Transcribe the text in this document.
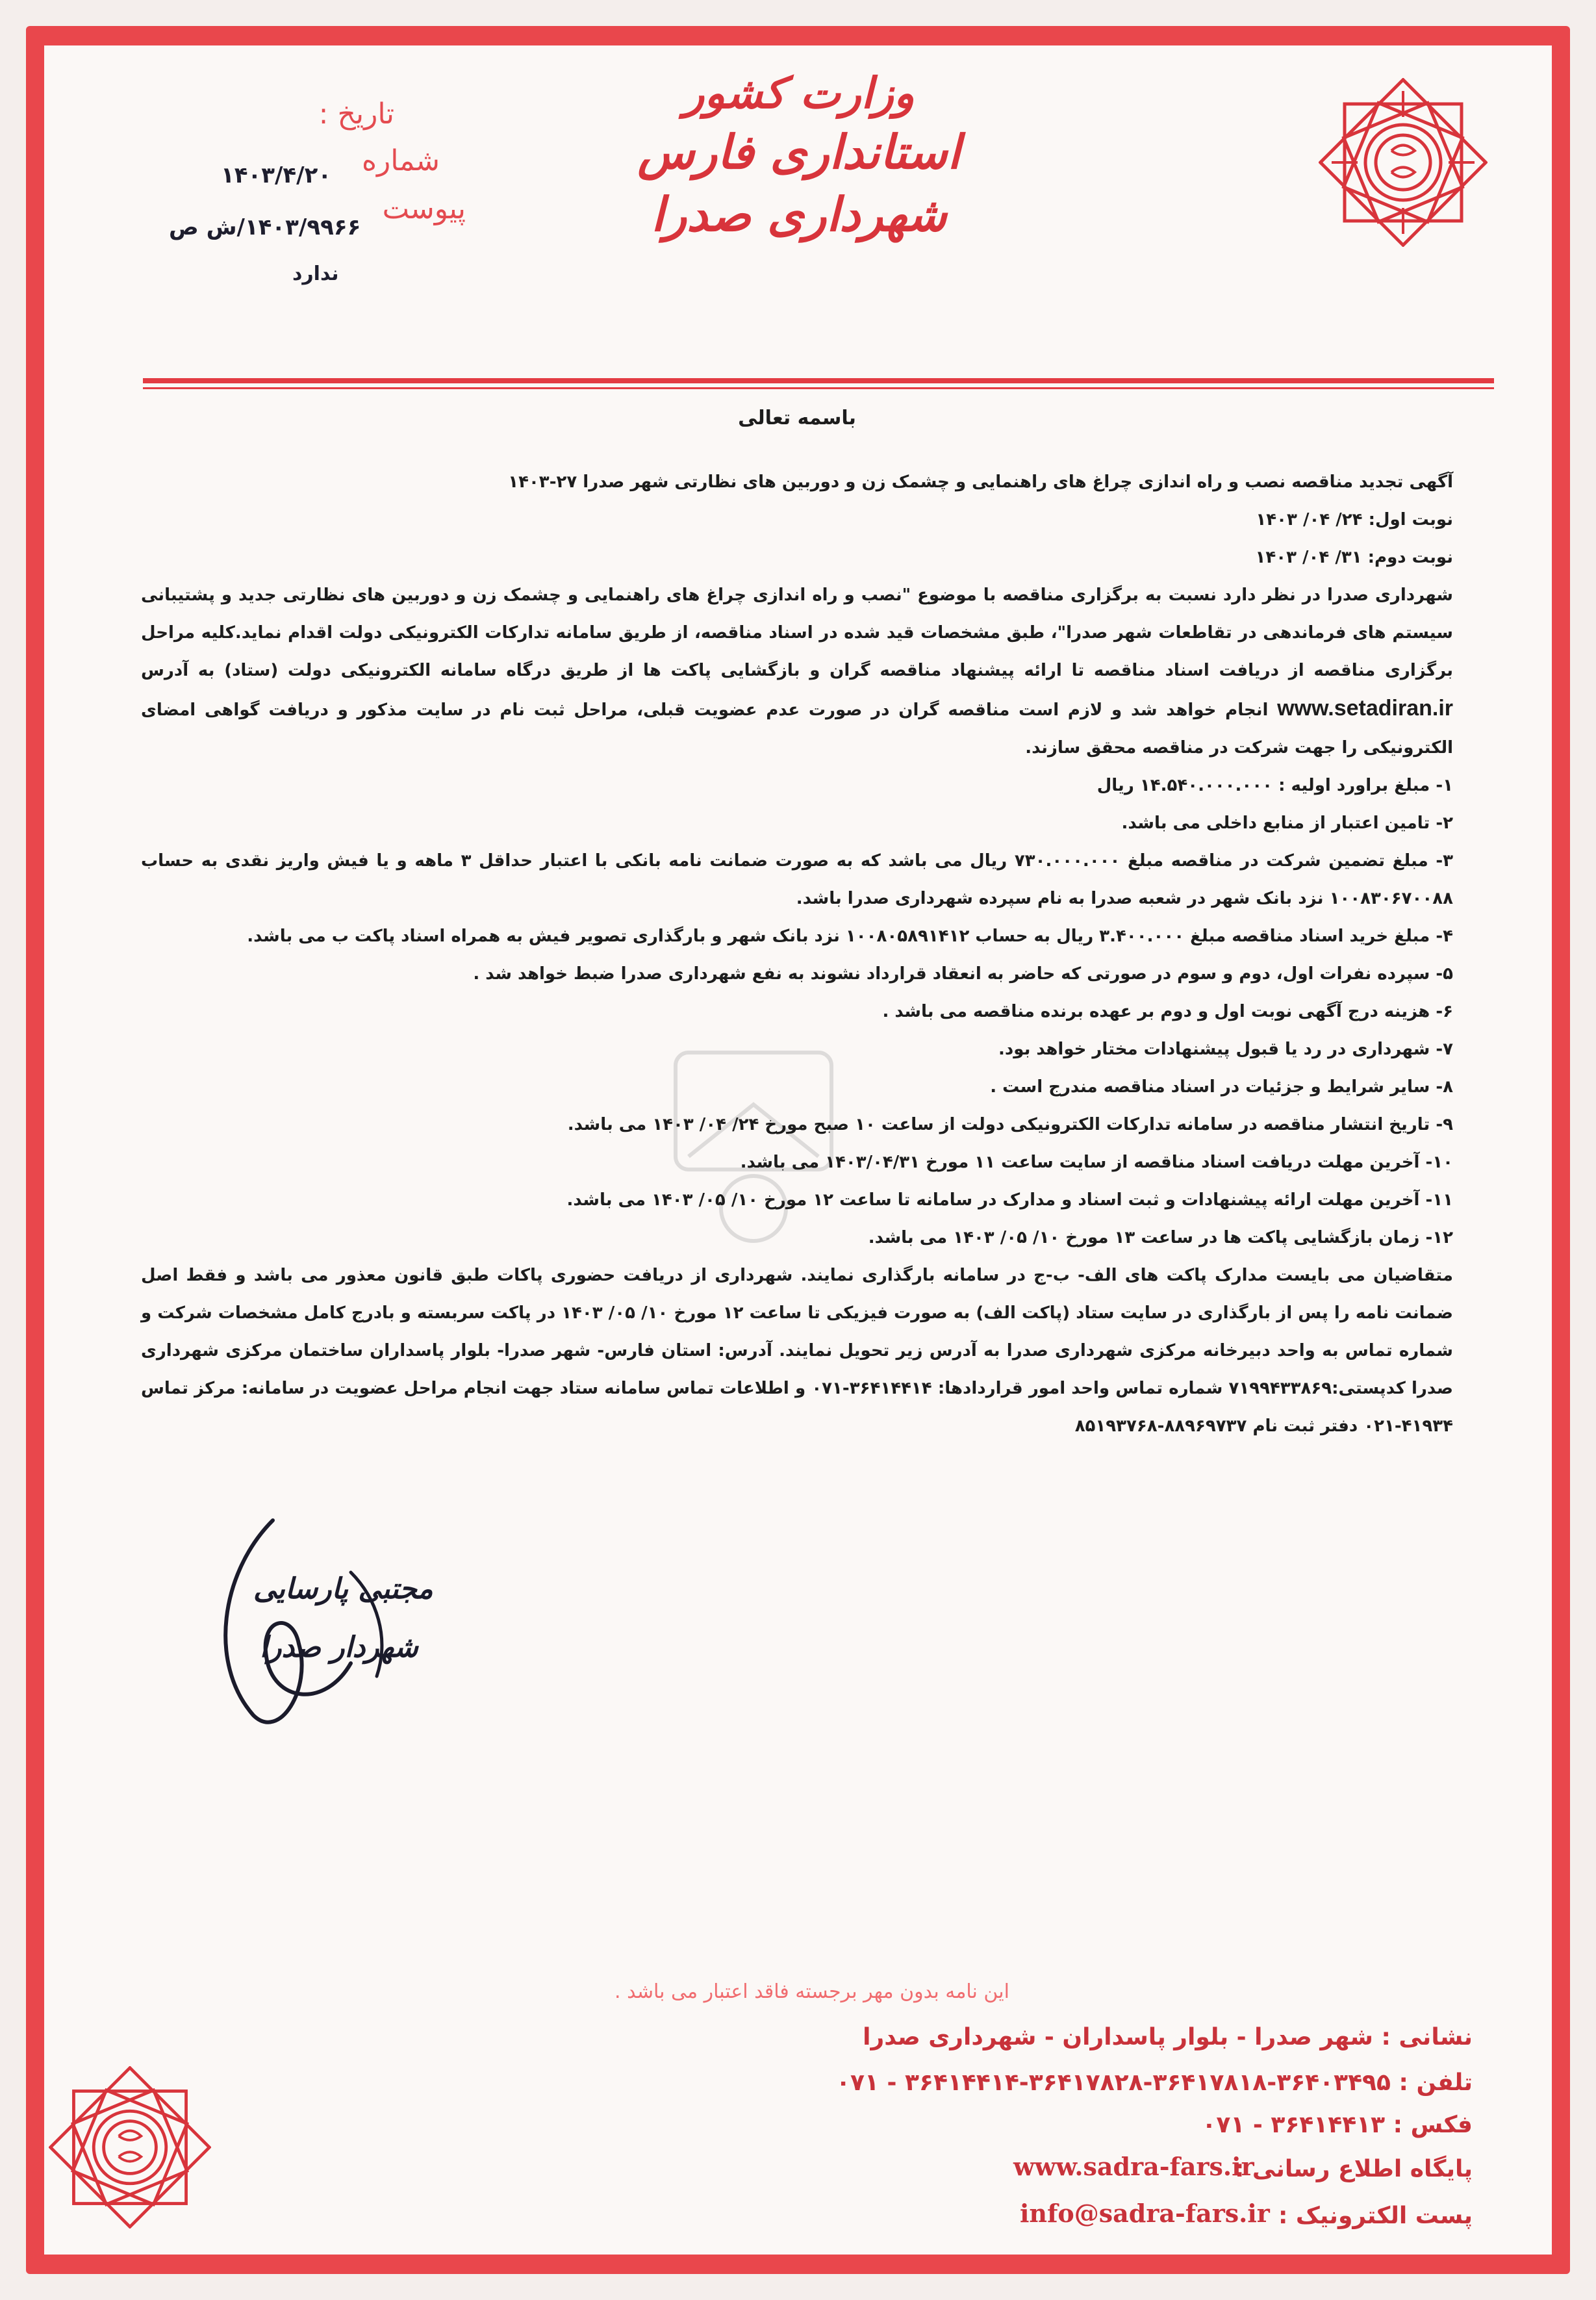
وزارت کشور
استانداری فارس
شهرداری صدرا
تاریخ :
شماره
پیوست
۱۴۰۳/۴/۲۰
۱۴۰۳/۹۹۶۶/ش ص
ندارد

باسمه تعالی

آگهی تجدید مناقصه نصب و راه اندازی چراغ های راهنمایی و چشمک زن و دوربین های نظارتی شهر صدرا ۲۷-۱۴۰۳

نوبت اول: ۲۴/ ۰۴/ ۱۴۰۳

نوبت دوم: ۳۱/ ۰۴/ ۱۴۰۳

شهرداری صدرا در نظر دارد نسبت به برگزاری مناقصه با موضوع "نصب و راه اندازی چراغ های راهنمایی و چشمک زن و دوربین های نظارتی جدید و پشتیبانی سیستم های فرماندهی در تقاطعات شهر صدرا"، طبق مشخصات قید شده در اسناد مناقصه، از طریق سامانه تدارکات الکترونیکی دولت اقدام نماید.کلیه مراحل برگزاری مناقصه از دریافت اسناد مناقصه تا ارائه پیشنهاد مناقصه گران و بازگشایی پاکت ها از طریق درگاه سامانه الکترونیکی دولت (ستاد) به آدرس www.setadiran.ir انجام خواهد شد و لازم است مناقصه گران در صورت عدم عضویت قبلی، مراحل ثبت نام در سایت مذکور و دریافت گواهی امضای الکترونیکی را جهت شرکت در مناقصه محقق سازند.

۱- مبلغ براورد اولیه : ۱۴.۵۴۰.۰۰۰.۰۰۰ ریال

۲- تامین اعتبار از منابع داخلی می باشد.

۳- مبلغ تضمین شرکت در مناقصه مبلغ ۷۳۰.۰۰۰.۰۰۰ ریال می باشد که به صورت ضمانت نامه بانکی با اعتبار حداقل ۳ ماهه و یا فیش واریز نقدی به حساب ۱۰۰۸۳۰۶۷۰۰۸۸ نزد بانک شهر در شعبه صدرا به نام سپرده شهرداری صدرا باشد.

۴- مبلغ خرید اسناد مناقصه مبلغ ۳.۴۰۰.۰۰۰ ریال به حساب ۱۰۰۸۰۵۸۹۱۴۱۲ نزد بانک شهر و بارگذاری تصویر فیش به همراه اسناد پاکت ب می باشد.

۵- سپرده نفرات اول، دوم و سوم در صورتی که حاضر به انعقاد قرارداد نشوند به نفع شهرداری صدرا ضبط خواهد شد .

۶- هزینه درج آگهی نوبت اول و دوم بر عهده برنده مناقصه می باشد .

۷- شهرداری در رد یا قبول پیشنهادات مختار خواهد بود.

۸- سایر شرایط و جزئیات در اسناد مناقصه مندرج است .

۹- تاریخ انتشار مناقصه در سامانه تدارکات الکترونیکی دولت از ساعت ۱۰ صبح مورخ ۲۴/ ۰۴/ ۱۴۰۳ می باشد.

۱۰- آخرین مهلت دریافت اسناد مناقصه از سایت ساعت ۱۱ مورخ ۱۴۰۳/۰۴/۳۱ می باشد.

۱۱- آخرین مهلت ارائه پیشنهادات و ثبت اسناد و مدارک در سامانه تا ساعت ۱۲ مورخ ۱۰/ ۰۵/ ۱۴۰۳ می باشد.

۱۲- زمان بازگشایی پاکت ها در ساعت ۱۳ مورخ ۱۰/ ۰۵/ ۱۴۰۳ می باشد.

متقاضیان می بایست مدارک پاکت های الف- ب-ج در سامانه بارگذاری نمایند. شهرداری از دریافت حضوری پاکات طبق قانون معذور می باشد و فقط اصل ضمانت نامه را پس از بارگذاری در سایت ستاد (پاکت الف) به صورت فیزیکی تا ساعت ۱۲ مورخ ۱۰/ ۰۵/ ۱۴۰۳ در پاکت سربسته و بادرج کامل مشخصات شرکت و شماره تماس به واحد دبیرخانه مرکزی شهرداری صدرا به آدرس زیر تحویل نمایند. آدرس: استان فارس- شهر صدرا- بلوار پاسداران ساختمان مرکزی شهرداری صدرا کدپستی:۷۱۹۹۴۳۳۸۶۹ شماره تماس واحد امور قراردادها: ۳۶۴۱۴۴۱۴-۰۷۱ و اطلاعات تماس سامانه ستاد جهت انجام مراحل عضویت در سامانه: مرکز تماس ۴۱۹۳۴-۰۲۱ دفتر ثبت نام ۸۸۹۶۹۷۳۷-۸۵۱۹۳۷۶۸

مجتبی پارسایی
شهردار صدرا
این نامه بدون مهر برجسته فاقد اعتبار می باشد .
نشانی : شهر صدرا - بلوار پاسداران - شهرداری صدرا
تلفن : ۳۶۴۰۳۴۹۵-۳۶۴۱۷۸۱۸-۳۶۴۱۷۸۲۸-۳۶۴۱۴۴۱۴ - ۰۷۱
فکس : ۳۶۴۱۴۴۱۳ - ۰۷۱
پایگاه اطلاع رسانی :
www.sadra-fars.ir
پست الکترونیک :
info@sadra-fars.ir
